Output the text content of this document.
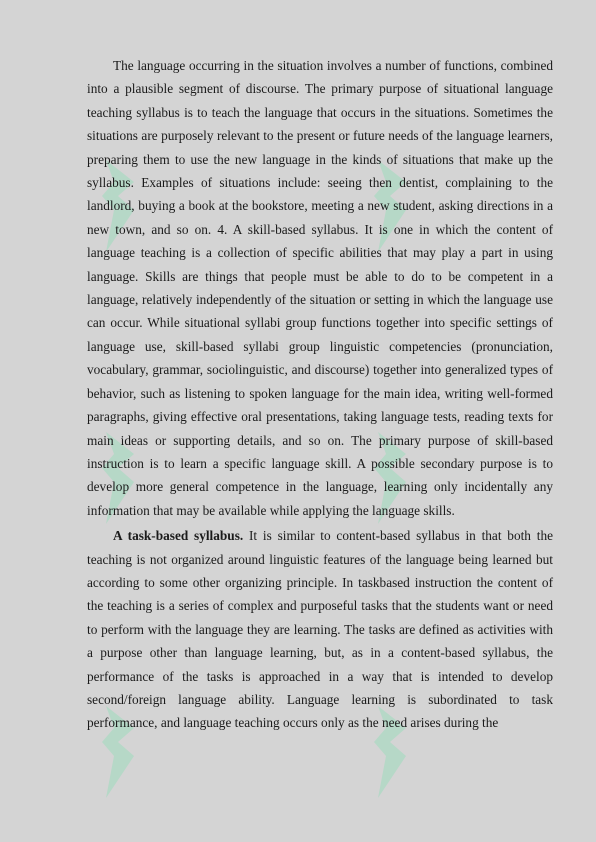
The language occurring in the situation involves a number of functions, combined into a plausible segment of discourse. The primary purpose of situational language teaching syllabus is to teach the language that occurs in the situations. Sometimes the situations are purposely relevant to the present or future needs of the language learners, preparing them to use the new language in the kinds of situations that make up the syllabus. Examples of situations include: seeing then dentist, complaining to the landlord, buying a book at the bookstore, meeting a new student, asking directions in a new town, and so on. 4. A skill-based syllabus. It is one in which the content of language teaching is a collection of specific abilities that may play a part in using language. Skills are things that people must be able to do to be competent in a language, relatively independently of the situation or setting in which the language use can occur. While situational syllabi group functions together into specific settings of language use, skill-based syllabi group linguistic competencies (pronunciation, vocabulary, grammar, sociolinguistic, and discourse) together into generalized types of behavior, such as listening to spoken language for the main idea, writing well-formed paragraphs, giving effective oral presentations, taking language tests, reading texts for main ideas or supporting details, and so on. The primary purpose of skill-based instruction is to learn a specific language skill. A possible secondary purpose is to develop more general competence in the language, learning only incidentally any information that may be available while applying the language skills.

A task-based syllabus. It is similar to content-based syllabus in that both the teaching is not organized around linguistic features of the language being learned but according to some other organizing principle. In taskbased instruction the content of the teaching is a series of complex and purposeful tasks that the students want or need to perform with the language they are learning. The tasks are defined as activities with a purpose other than language learning, but, as in a content-based syllabus, the performance of the tasks is approached in a way that is intended to develop second/foreign language ability. Language learning is subordinated to task performance, and language teaching occurs only as the need arises during the
